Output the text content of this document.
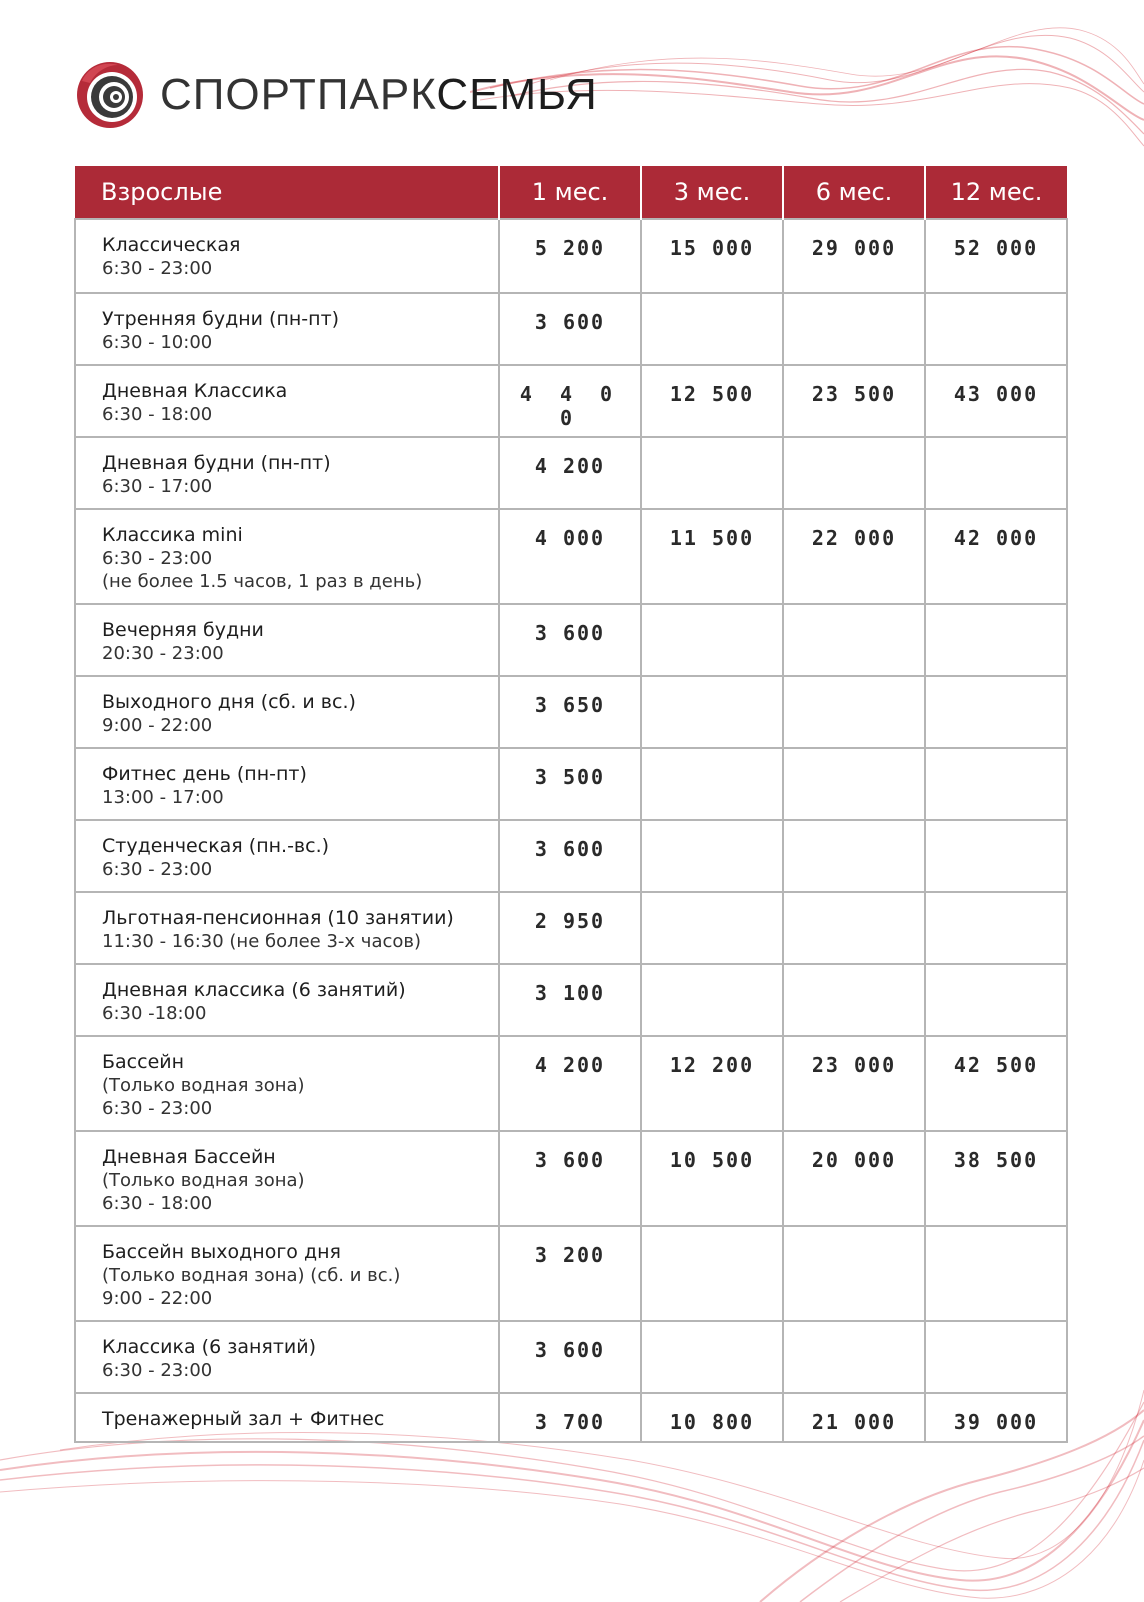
СПОРТПАРКСЕМЬЯ
Взрослые	1 мес.	3 мес.	6 мес.	12 мес.

Классическая
6:30 - 23:00	5 200	15 000	29 000	52 000

Утренняя будни (пн-пт)
6:30 - 10:00	3 600			

Дневная Классика
6:30 - 18:00	4 4 0 0	12 500	23 500	43 000

Дневная будни (пн-пт)
6:30 - 17:00	4 200			

Классика mini
6:30 - 23:00
(не более 1.5 часов, 1 раз в день)	4 000	11 500	22 000	42 000

Вечерняя будни
20:30 - 23:00	3 600			

Выходного дня (сб. и вс.)
9:00 - 22:00	3 650			

Фитнес день (пн-пт)
13:00 - 17:00	3 500			

Студенческая (пн.-вс.)
6:30 - 23:00	3 600			

Льготная-пенсионная (10 занятии)
11:30 - 16:30 (не более 3-х часов)	2 950			

Дневная классика (6 занятий)
6:30 -18:00	3 100			

Бассейн
(Только водная зона)
6:30 - 23:00	4 200	12 200	23 000	42 500

Дневная Бассейн
(Только водная зона)
6:30 - 18:00	3 600	10 500	20 000	38 500

Бассейн выходного дня
(Только водная зона) (сб. и вс.)
9:00 - 22:00	3 200			

Классика (6 занятий)
6:30 - 23:00	3 600			

Тренажерный зал + Фитнес	3 700	10 800	21 000	39 000
